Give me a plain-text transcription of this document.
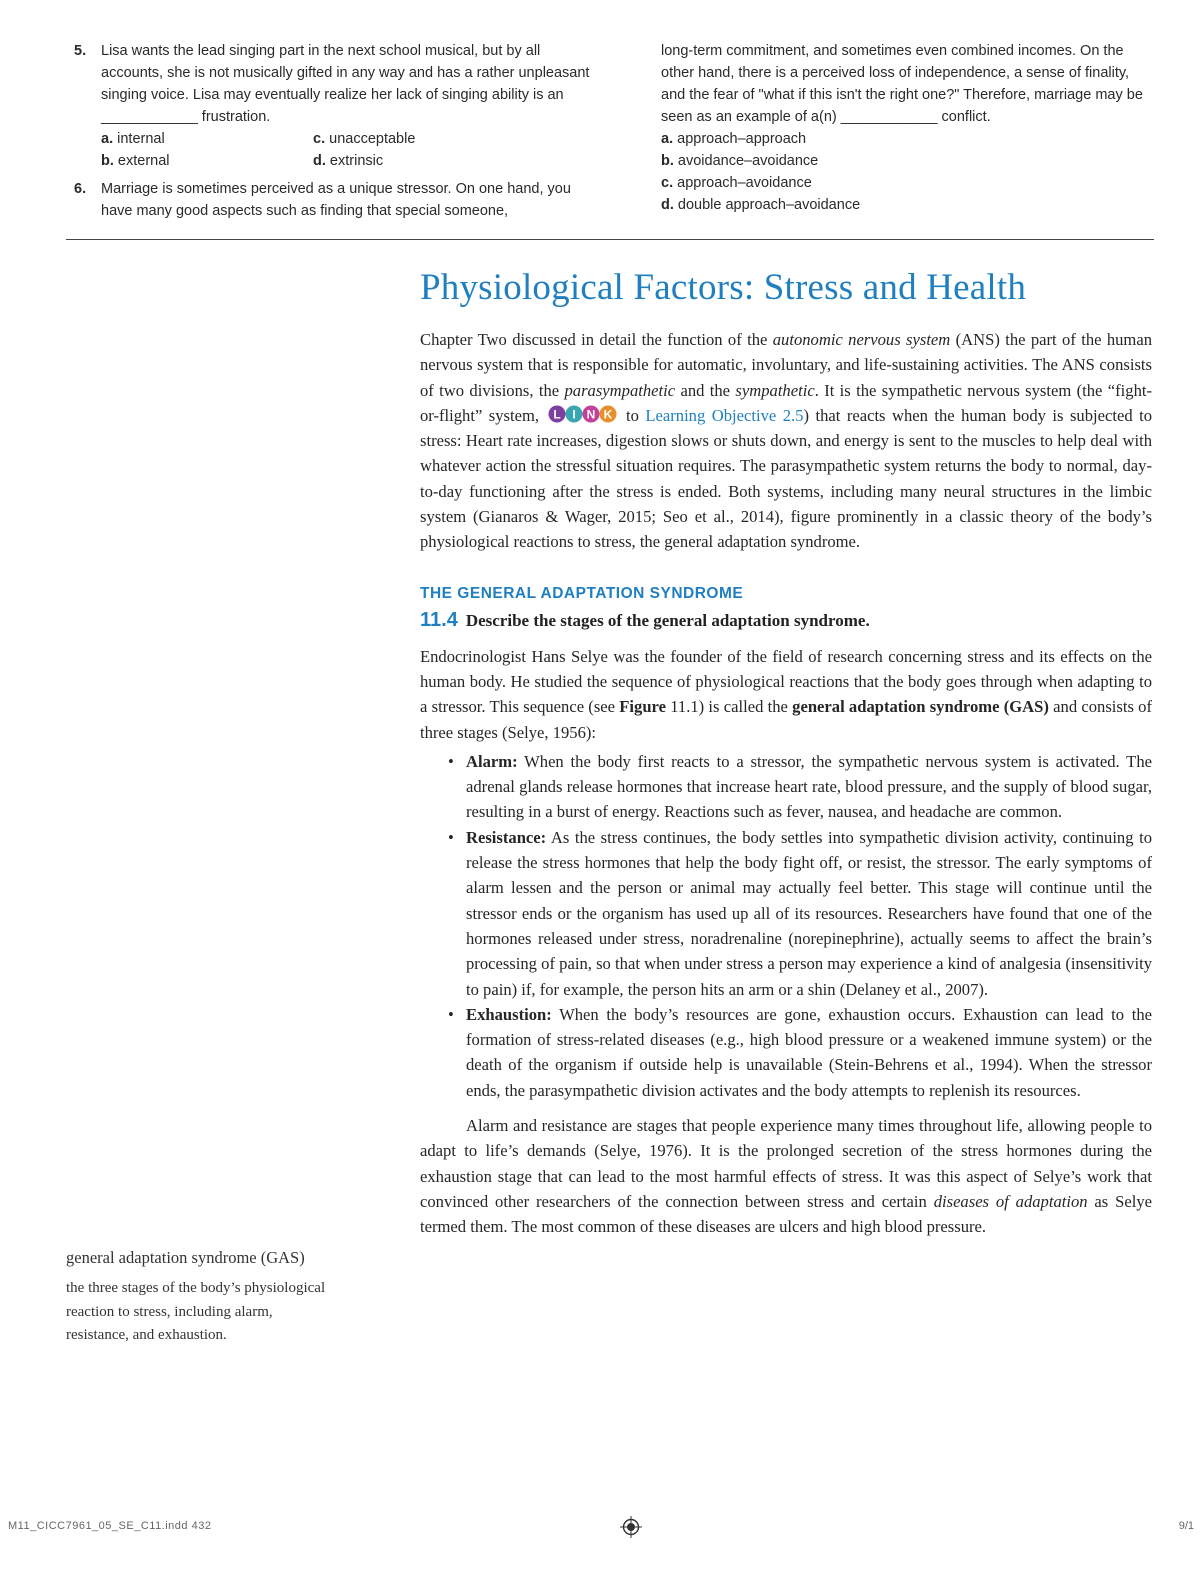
5. Lisa wants the lead singing part in the next school musical, but by all accounts, she is not musically gifted in any way and has a rather unpleasant singing voice. Lisa may eventually realize her lack of singing ability is an ____________ frustration.
a. internal	c. unacceptable
b. external	d. extrinsic
6. Marriage is sometimes perceived as a unique stressor. On one hand, you have many good aspects such as finding that special someone,
long-term commitment, and sometimes even combined incomes. On the other hand, there is a perceived loss of independence, a sense of finality, and the fear of "what if this isn't the right one?" Therefore, marriage may be seen as an example of a(n) ____________ conflict.
a. approach–approach
b. avoidance–avoidance
c. approach–avoidance
d. double approach–avoidance
Physiological Factors: Stress and Health

Chapter Two discussed in detail the function of the autonomic nervous system (ANS) the part of the human nervous system that is responsible for automatic, involuntary, and life-sustaining activities. The ANS consists of two divisions, the parasympathetic and the sympathetic. It is the sympathetic nervous system (the “fight-or-flight” system, L I N K to Learning Objective 2.5) that reacts when the human body is subjected to stress: Heart rate increases, digestion slows or shuts down, and energy is sent to the muscles to help deal with whatever action the stressful situation requires. The parasympathetic system returns the body to normal, day-to-day functioning after the stress is ended. Both systems, including many neural structures in the limbic system (Gianaros & Wager, 2015; Seo et al., 2014), figure prominently in a classic theory of the body’s physiological reactions to stress, the general adaptation syndrome.

THE GENERAL ADAPTATION SYNDROME
11.4 Describe the stages of the general adaptation syndrome.

Endocrinologist Hans Selye was the founder of the field of research concerning stress and its effects on the human body. He studied the sequence of physiological reactions that the body goes through when adapting to a stressor. This sequence (see Figure 11.1) is called the general adaptation syndrome (GAS) and consists of three stages (Selye, 1956):

• Alarm: When the body first reacts to a stressor, the sympathetic nervous system is activated. The adrenal glands release hormones that increase heart rate, blood pressure, and the supply of blood sugar, resulting in a burst of energy. Reactions such as fever, nausea, and headache are common.
• Resistance: As the stress continues, the body settles into sympathetic division activity, continuing to release the stress hormones that help the body fight off, or resist, the stressor. The early symptoms of alarm lessen and the person or animal may actually feel better. This stage will continue until the stressor ends or the organism has used up all of its resources. Researchers have found that one of the hormones released under stress, noradrenaline (norepinephrine), actually seems to affect the brain’s processing of pain, so that when under stress a person may experience a kind of analgesia (insensitivity to pain) if, for example, the person hits an arm or a shin (Delaney et al., 2007).
• Exhaustion: When the body’s resources are gone, exhaustion occurs. Exhaustion can lead to the formation of stress-related diseases (e.g., high blood pressure or a weakened immune system) or the death of the organism if outside help is unavailable (Stein-Behrens et al., 1994). When the stressor ends, the parasympathetic division activates and the body attempts to replenish its resources.

Alarm and resistance are stages that people experience many times throughout life, allowing people to adapt to life’s demands (Selye, 1976). It is the prolonged secretion of the stress hormones during the exhaustion stage that can lead to the most harmful effects of stress. It was this aspect of Selye’s work that convinced other researchers of the connection between stress and certain diseases of adaptation as Selye termed them. The most common of these diseases are ulcers and high blood pressure.

general adaptation syndrome (GAS)

the three stages of the body’s physiological reaction to stress, including alarm, resistance, and exhaustion.

M11_CICC7961_05_SE_C11.indd 432	9/1
